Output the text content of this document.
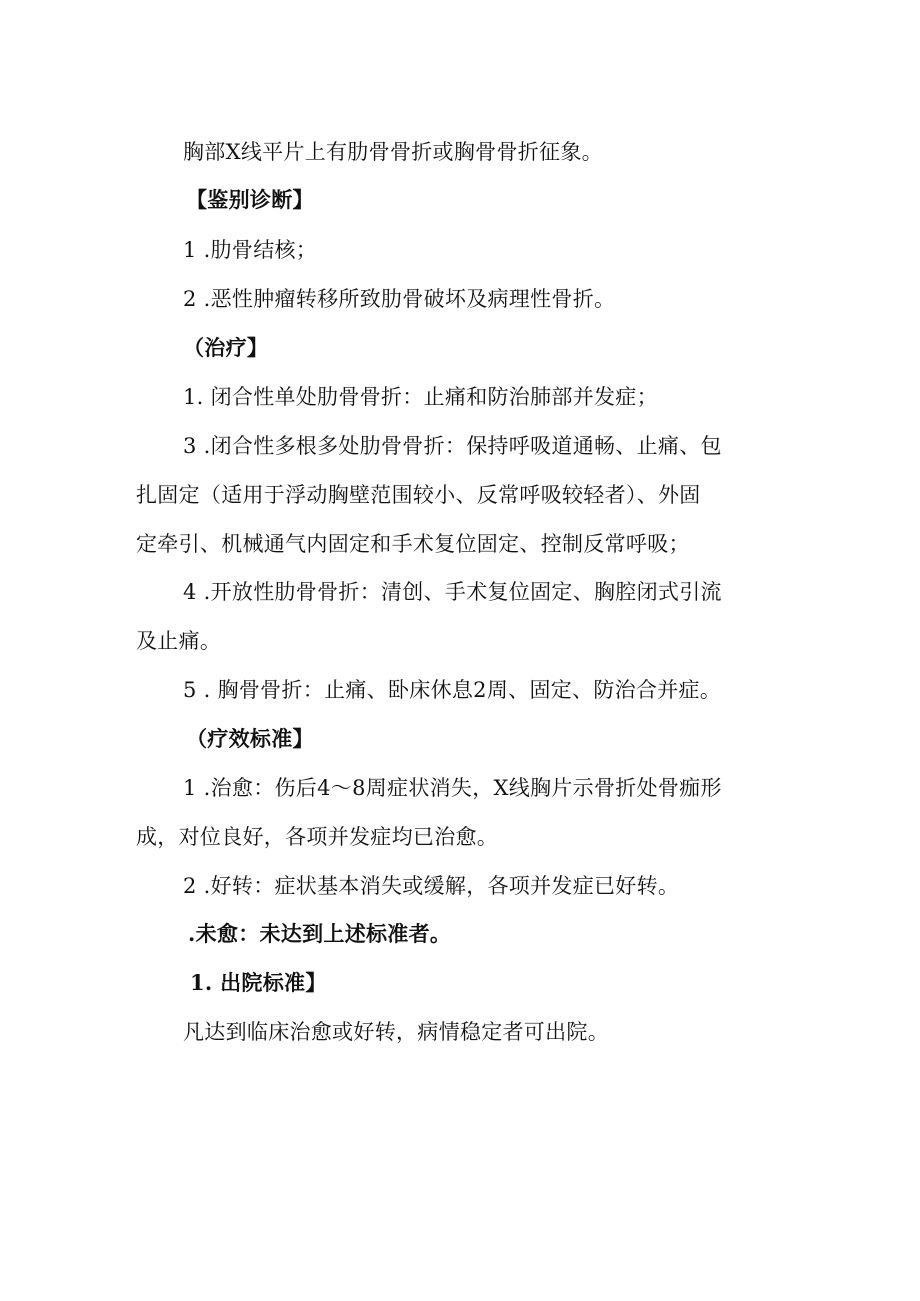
胸部X线平片上有肋骨骨折或胸骨骨折征象。
【鉴别诊断】
1 .肋骨结核；
2 .恶性肿瘤转移所致肋骨破坏及病理性骨折。
（治疗】
1. 闭合性单处肋骨骨折：止痛和防治肺部并发症；
3 .闭合性多根多处肋骨骨折：保持呼吸道通畅、止痛、包
扎固定（适用于浮动胸壁范围较小、反常呼吸较轻者）、外固
定牵引、机械通气内固定和手术复位固定、控制反常呼吸；
4 .开放性肋骨骨折：清创、手术复位固定、胸腔闭式引流
及止痛。
5 . 胸骨骨折：止痛、卧床休息2周、固定、防治合并症。
（疗效标准】
1 .治愈：伤后4～8周症状消失，X线胸片示骨折处骨痂形
成，对位良好，各项并发症均已治愈。
2 .好转：症状基本消失或缓解，各项并发症已好转。
.未愈：未达到上述标准者。
1. 出院标准】
凡达到临床治愈或好转，病情稳定者可出院。
